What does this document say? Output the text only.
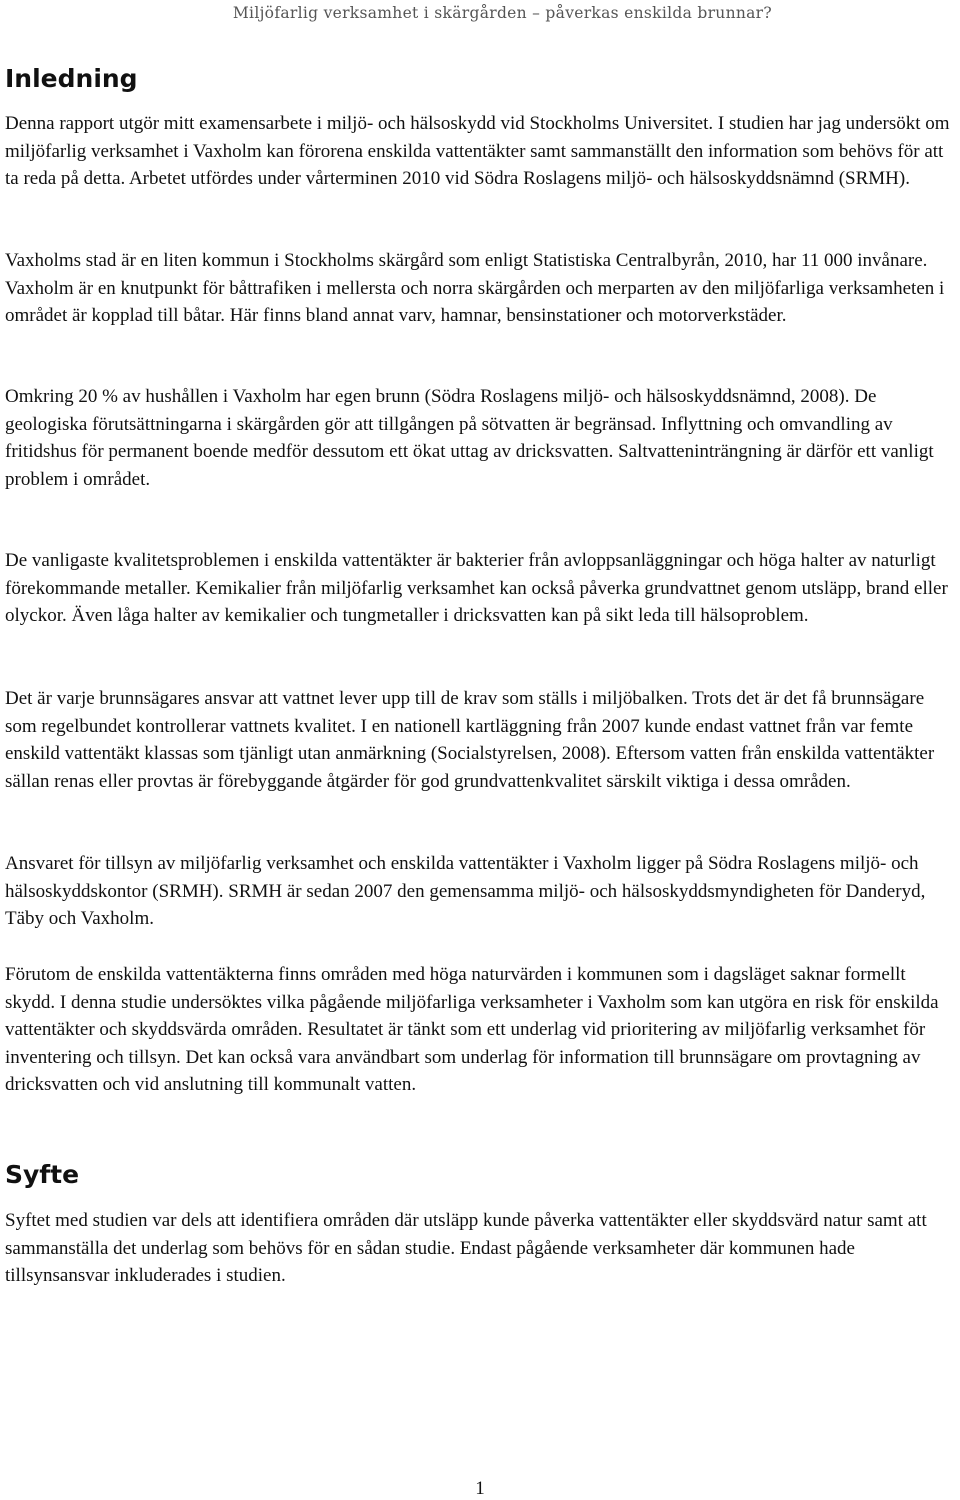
Miljöfarlig verksamhet i skärgården – påverkas enskilda brunnar?
Inledning

Denna rapport utgör mitt examensarbete i miljö- och hälsoskydd vid Stockholms Universitet. I studien har jag undersökt om miljöfarlig verksamhet i Vaxholm kan förorena enskilda vattentäkter samt sammanställt den information som behövs för att ta reda på detta. Arbetet utfördes under vårterminen 2010 vid Södra Roslagens miljö- och hälsoskyddsnämnd (SRMH).

Vaxholms stad är en liten kommun i Stockholms skärgård som enligt Statistiska Centralbyrån, 2010, har 11 000 invånare. Vaxholm är en knutpunkt för båttrafiken i mellersta och norra skärgården och merparten av den miljöfarliga verksamheten i området är kopplad till båtar. Här finns bland annat varv, hamnar, bensinstationer och motorverkstäder.

Omkring 20 % av hushållen i Vaxholm har egen brunn (Södra Roslagens miljö- och hälsoskyddsnämnd, 2008). De geologiska förutsättningarna i skärgården gör att tillgången på sötvatten är begränsad. Inflyttning och omvandling av fritidshus för permanent boende medför dessutom ett ökat uttag av dricksvatten. Saltvatteninträngning är därför ett vanligt problem i området.

De vanligaste kvalitetsproblemen i enskilda vattentäkter är bakterier från avloppsanläggningar och höga halter av naturligt förekommande metaller. Kemikalier från miljöfarlig verksamhet kan också påverka grundvattnet genom utsläpp, brand eller olyckor. Även låga halter av kemikalier och tungmetaller i dricksvatten kan på sikt leda till hälsoproblem.

Det är varje brunnsägares ansvar att vattnet lever upp till de krav som ställs i miljöbalken. Trots det är det få brunnsägare som regelbundet kontrollerar vattnets kvalitet. I en nationell kartläggning från 2007 kunde endast vattnet från var femte enskild vattentäkt klassas som tjänligt utan anmärkning (Socialstyrelsen, 2008). Eftersom vatten från enskilda vattentäkter sällan renas eller provtas är förebyggande åtgärder för god grundvattenkvalitet särskilt viktiga i dessa områden.

Ansvaret för tillsyn av miljöfarlig verksamhet och enskilda vattentäkter i Vaxholm ligger på Södra Roslagens miljö- och hälsoskyddskontor (SRMH). SRMH är sedan 2007 den gemensamma miljö- och hälsoskyddsmyndigheten för Danderyd, Täby och Vaxholm.

Förutom de enskilda vattentäkterna finns områden med höga naturvärden i kommunen som i dagsläget saknar formellt skydd. I denna studie undersöktes vilka pågående miljöfarliga verksamheter i Vaxholm som kan utgöra en risk för enskilda vattentäkter och skyddsvärda områden. Resultatet är tänkt som ett underlag vid prioritering av miljöfarlig verksamhet för inventering och tillsyn. Det kan också vara användbart som underlag för information till brunnsägare om provtagning av dricksvatten och vid anslutning till kommunalt vatten.

Syfte

Syftet med studien var dels att identifiera områden där utsläpp kunde påverka vattentäkter eller skyddsvärd natur samt att sammanställa det underlag som behövs för en sådan studie. Endast pågående verksamheter där kommunen hade tillsynsansvar inkluderades i studien.

1
